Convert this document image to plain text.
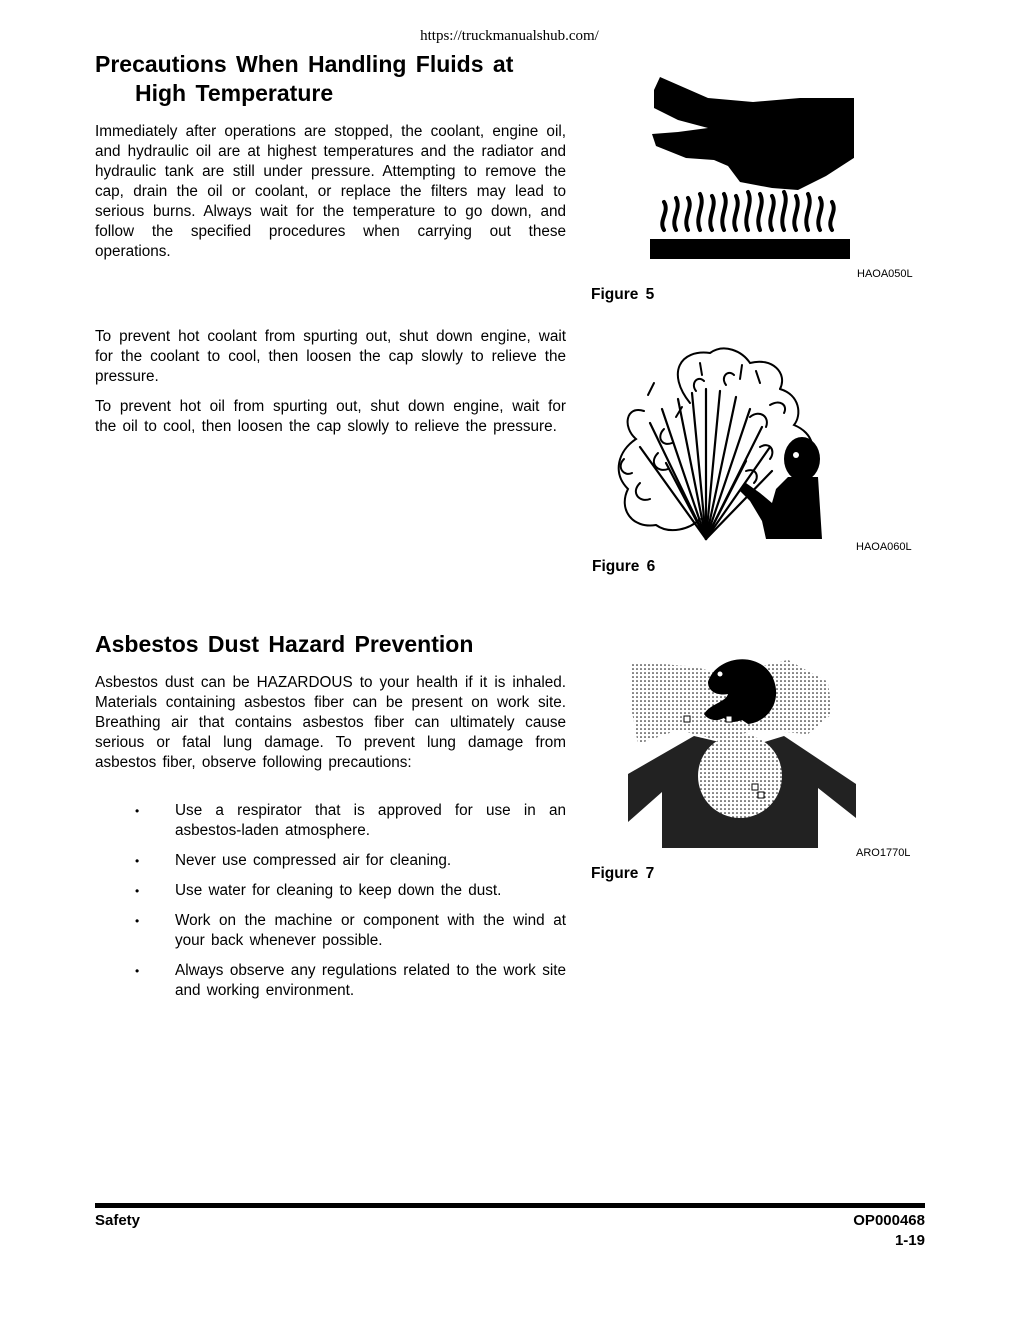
https://truckmanualshub.com/
Precautions When Handling Fluids at
High Temperature

Immediately after operations are stopped, the coolant, engine oil, and hydraulic oil are at highest temperatures and the radiator and hydraulic tank are still under pressure. Attempting to remove the cap, drain the oil or coolant, or replace the filters may lead to serious burns. Always wait for the temperature to go down, and follow the specified procedures when carrying out these operations.

To prevent hot coolant from spurting out, shut down engine, wait for the coolant to cool, then loosen the cap slowly to relieve the pressure.

To prevent hot oil from spurting out, shut down engine, wait for the oil to cool, then loosen the cap slowly to relieve the pressure.

HAOA050L
Figure 5
HAOA060L
Figure 6
Asbestos Dust Hazard Prevention

Asbestos dust can be HAZARDOUS to your health if it is inhaled. Materials containing asbestos fiber can be present on work site. Breathing air that contains asbestos fiber can ultimately cause serious or fatal lung damage. To prevent lung damage from asbestos fiber, observe following precautions:

• Use a respirator that is approved for use in an asbestos-laden atmosphere.
• Never use compressed air for cleaning.
• Use water for cleaning to keep down the dust.
• Work on the machine or component with the wind at your back whenever possible.
• Always observe any regulations related to the work site and working environment.
ARO1770L
Figure 7
Safety	OP000468
1-19
